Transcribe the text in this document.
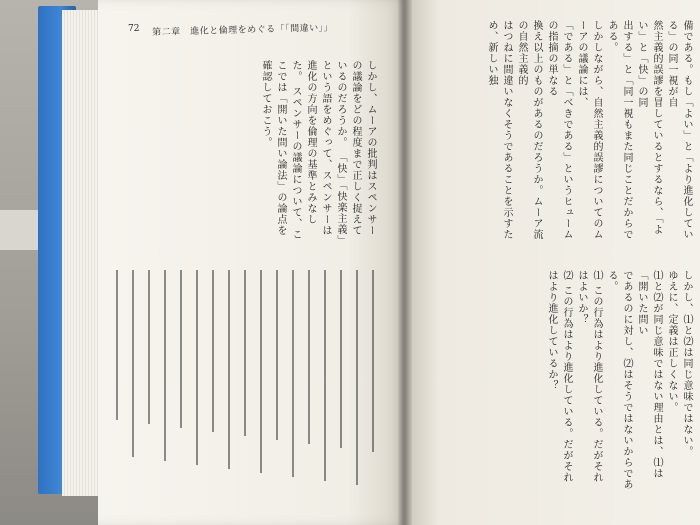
しかし、ムーアの批判はスペンサーの議論をどの程度まで正しく捉えているのだろうか。 「快」「快楽主義」という語をめぐって、スペンサーは進化の方向を倫理の基準とみなした。 スペンサーの議論について、ここでは「開いた問い論法」の論点を確認しておこう。	備である。もし「よい」と「より進化している」の同一視が自
然主義的誤謬を冒しているとするなら、「よい」と「快」の同
出する」と「同一視もまた同じことだからである。
しかしながら、自然主義的誤謬についてのムーアの議論には、
「である」と「べきである」というヒュームの指摘の単なる
換え以上のものがあるのだろうか。ムーア流の自然主義的
はつねに間違いなくそうであることを示すため、新しい独
しかし、⑴と⑵は同じ意味ではない。
ゆえに、定義は正しくない。
⑴と⑵が同じ意味ではない理由とは、⑴は「開いた問い
であるのに対し、⑵はそうではないからである。
⑴ この行為はより進化している。だがそれはよいか？
⑵ この行為はより進化している。だがそれはより進化しているか？
72 第二章　進化と倫理をめぐる「「間違い」」
